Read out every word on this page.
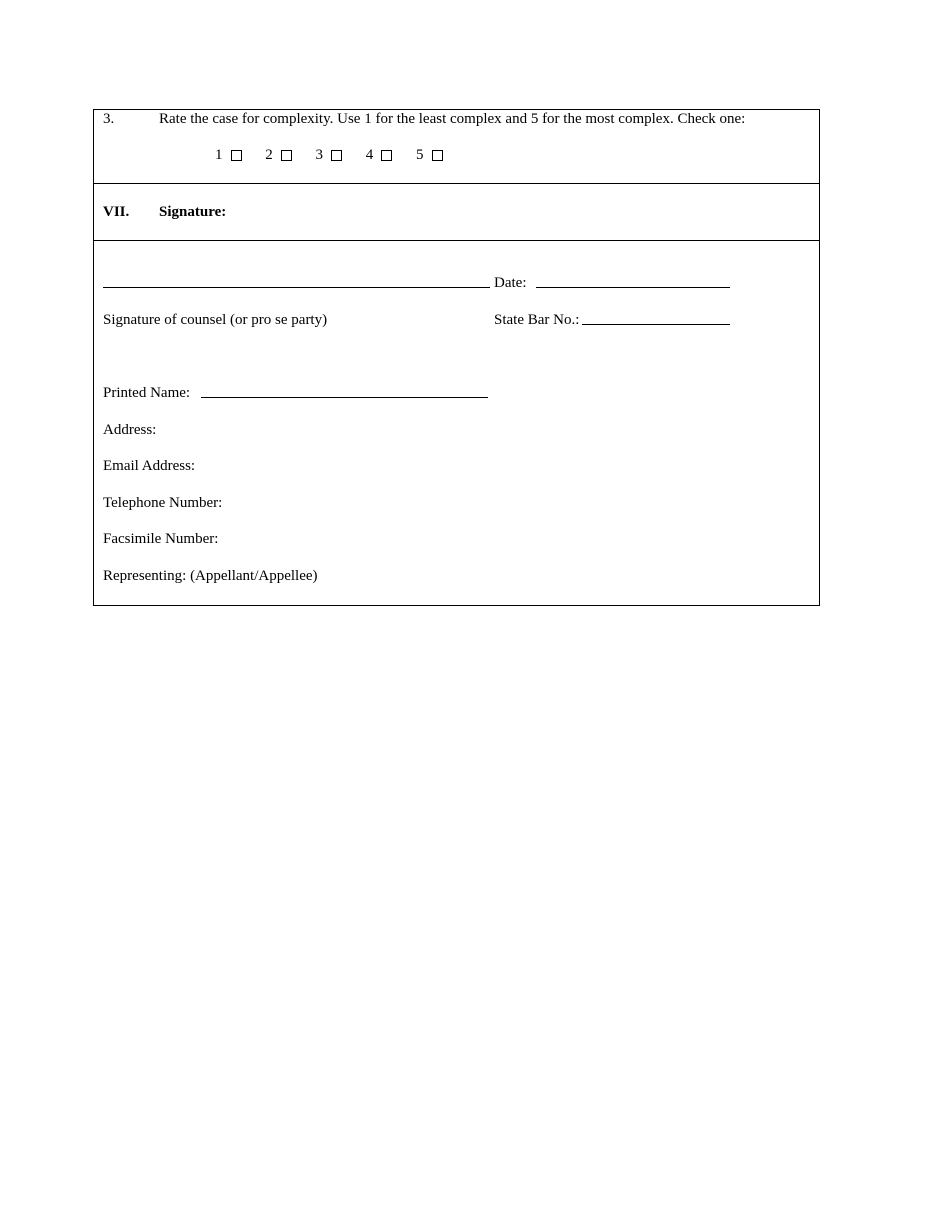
3.	Rate the case for complexity. Use 1 for the least complex and 5 for the most complex. Check one:
1
	2
	3
	4
	5
VII. Signature:
Date:
Signature of counsel (or pro se party)	State Bar No.:
Printed Name:
Address:
Email Address:
Telephone Number:
Facsimile Number:
Representing: (Appellant/Appellee)
